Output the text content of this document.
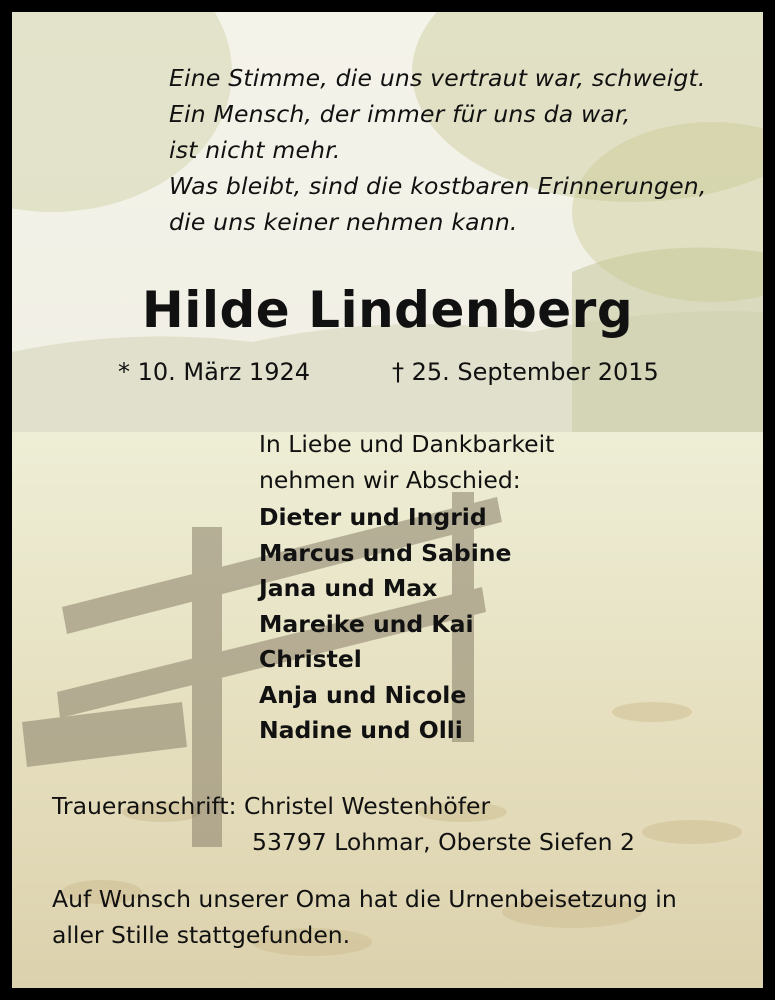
Eine Stimme, die uns vertraut war, schweigt.
Ein Mensch, der immer für uns da war,
ist nicht mehr.
Was bleibt, sind die kostbaren Erinnerungen,
die uns keiner nehmen kann.
Hilde Lindenberg
* 10. März 1924	† 25. September 2015
In Liebe und Dankbarkeit
nehmen wir Abschied:
Dieter und Ingrid
Marcus und Sabine
Jana und Max
Mareike und Kai
Christel
Anja und Nicole
Nadine und Olli
Traueranschrift: Christel Westenhöfer
53797 Lohmar, Oberste Siefen 2
Auf Wunsch unserer Oma hat die Urnenbeisetzung in
aller Stille stattgefunden.
